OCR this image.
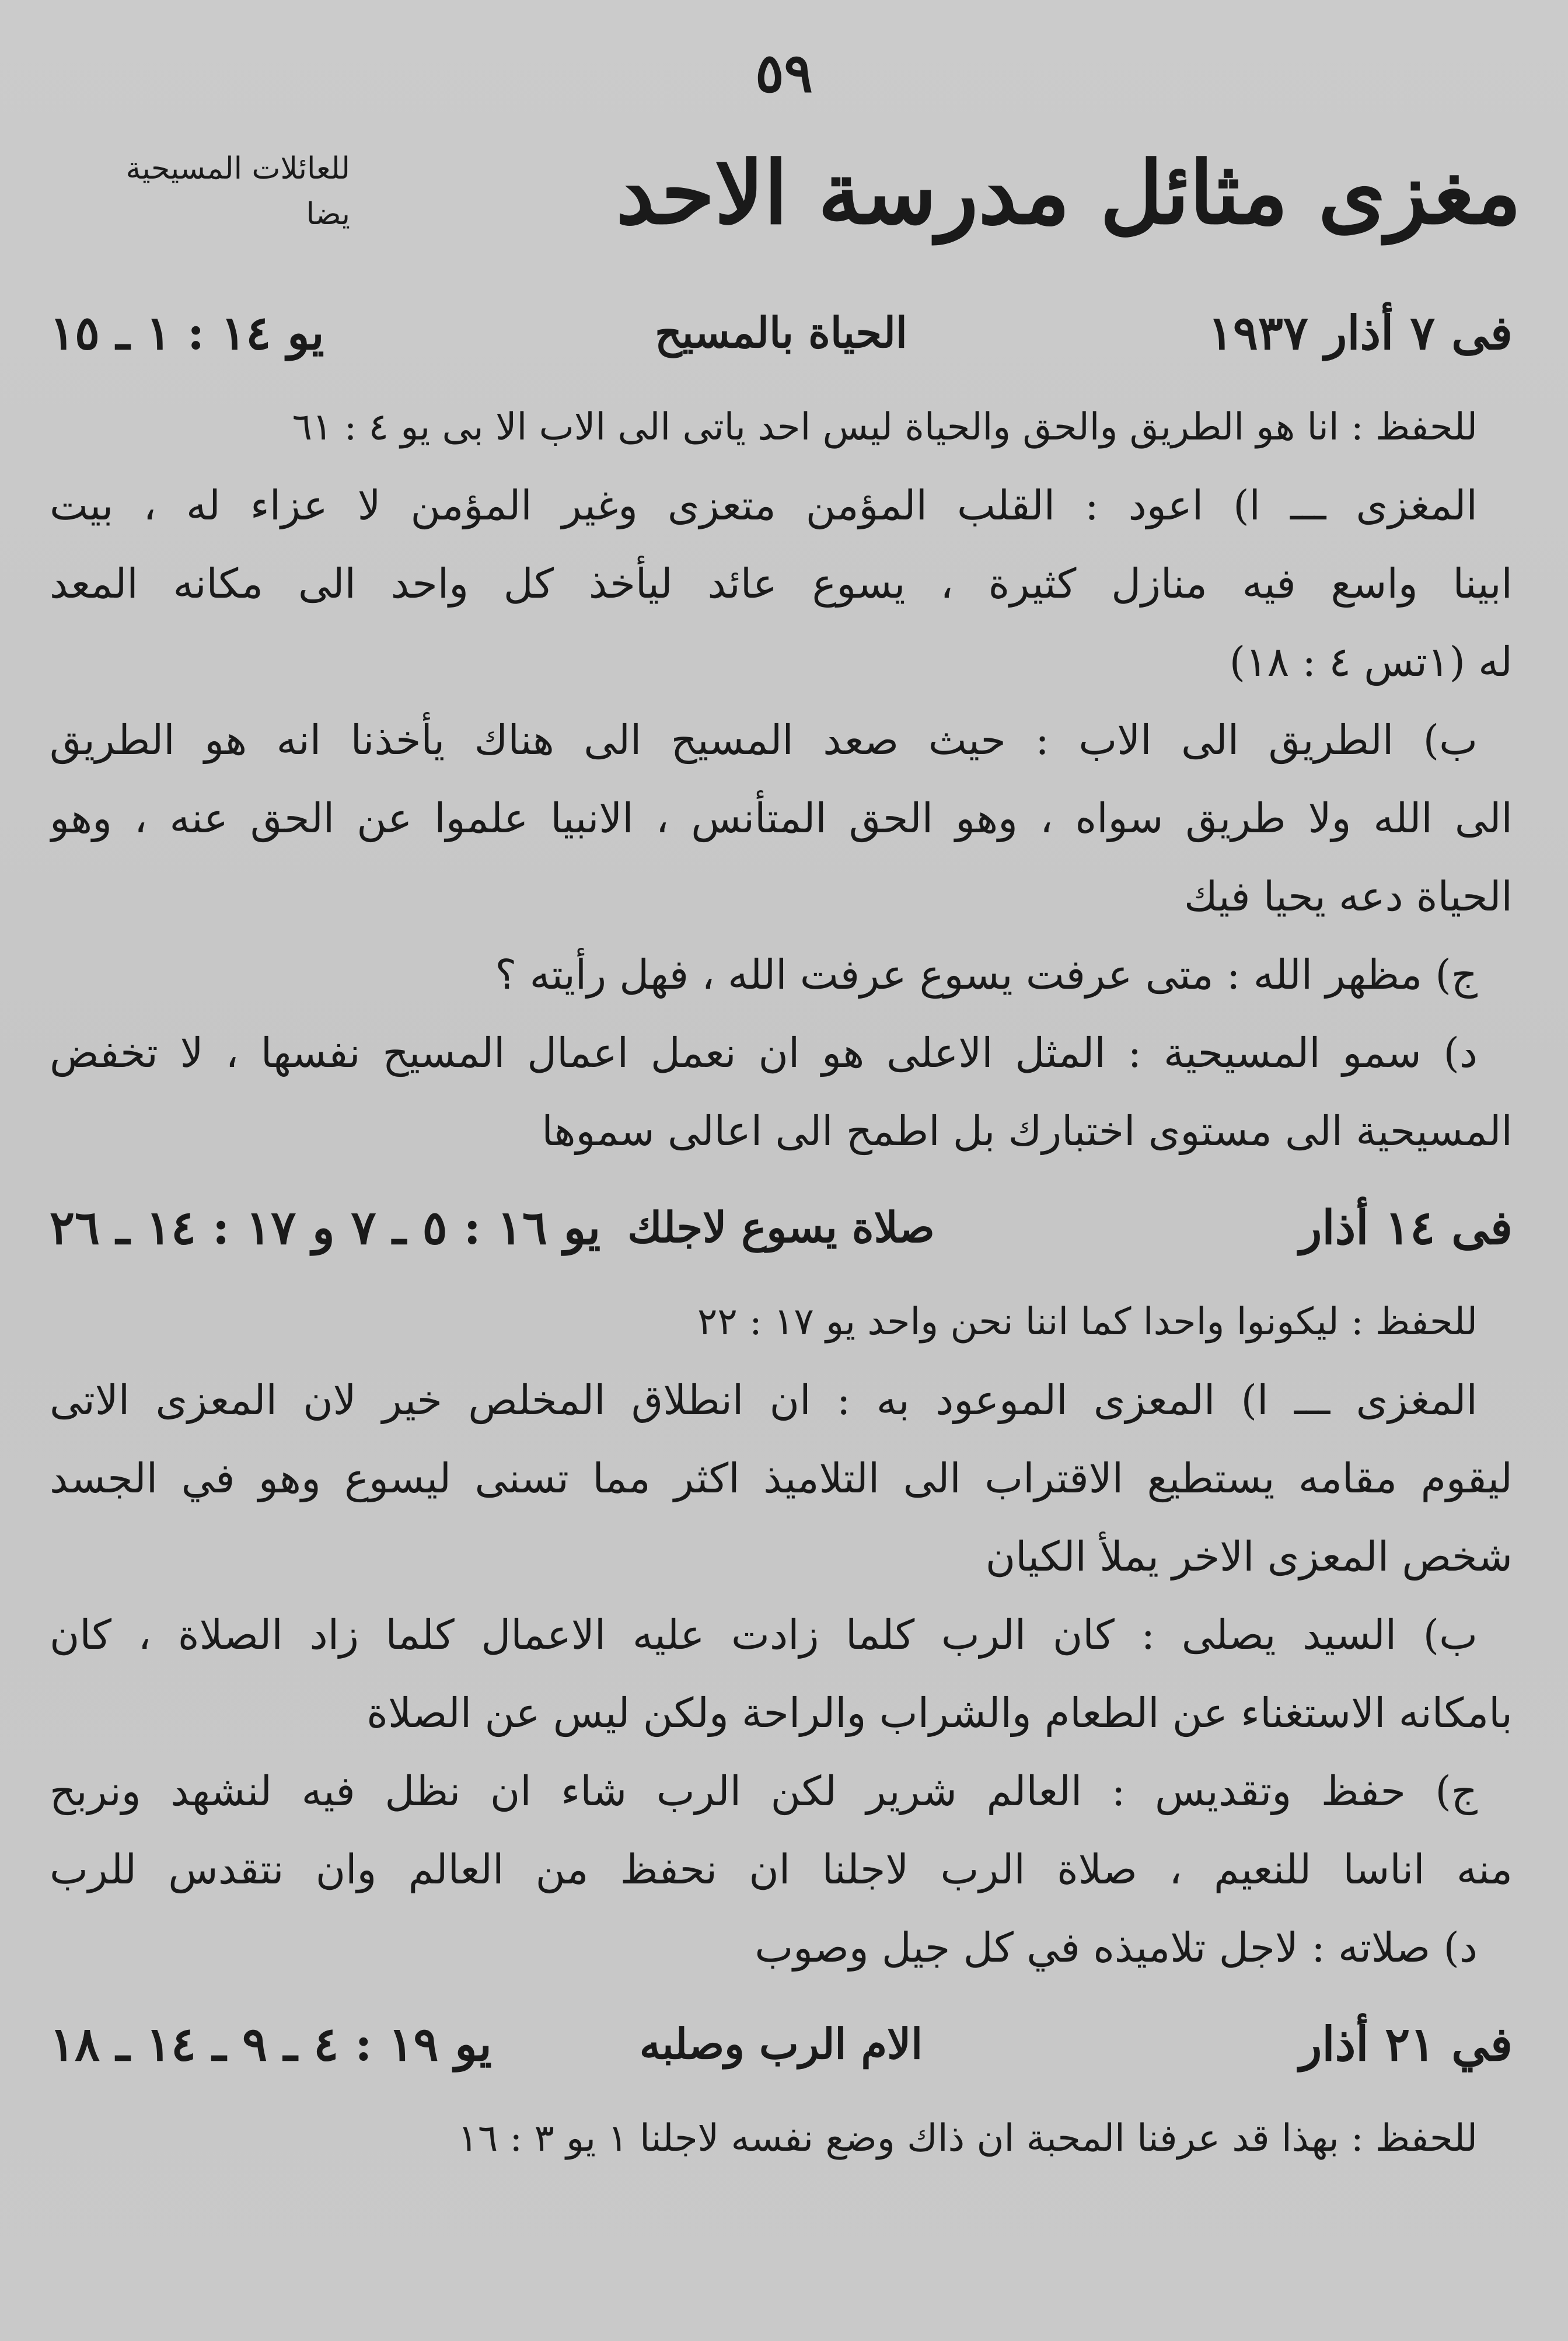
٥٩
مغزى مثائل مدرسة الاحد
للعائلات المسيحية
يضا
فى ٧ أذار ١٩٣٧
الحياة بالمسيح
يو ١٤ : ١ ـ ١٥
للحفظ : انا هو الطريق والحق والحياة ليس احد ياتى الى الاب الا بى يو ٤ : ٦١
المغزى ـــ ا) اعود : القلب المؤمن متعزى وغير المؤمن لا عزاء له ، بيت
ابينا واسع فيه منازل كثيرة ، يسوع عائد ليأخذ كل واحد الى مكانه المعد
له (١تس ٤ : ١٨)
ب) الطريق الى الاب : حيث صعد المسيح الى هناك يأخذنا انه هو الطريق
الى الله ولا طريق سواه ، وهو الحق المتأنس ، الانبيا علموا عن الحق عنه ، وهو
الحياة دعه يحيا فيك
ج) مظهر الله : متى عرفت يسوع عرفت الله ، فهل رأيته ؟
د) سمو المسيحية : المثل الاعلى هو ان نعمل اعمال المسيح نفسها ، لا تخفض
المسيحية الى مستوى اختبارك بل اطمح الى اعالى سموها
فى ١٤ أذار
صلاة يسوع لاجلك
يو ١٦ : ٥ ـ ٧ و ١٧ : ١٤ ـ ٢٦
للحفظ : ليكونوا واحدا كما اننا نحن واحد يو ١٧ : ٢٢
المغزى ـــ ا) المعزى الموعود به : ان انطلاق المخلص خير لان المعزى الاتى
ليقوم مقامه يستطيع الاقتراب الى التلاميذ اكثر مما تسنى ليسوع وهو في الجسد
شخص المعزى الاخر يملأ الكيان
ب) السيد يصلى : كان الرب كلما زادت عليه الاعمال كلما زاد الصلاة ، كان
بامكانه الاستغناء عن الطعام والشراب والراحة ولكن ليس عن الصلاة
ج) حفظ وتقديس : العالم شرير لكن الرب شاء ان نظل فيه لنشهد ونربح
منه اناسا للنعيم ، صلاة الرب لاجلنا ان نحفظ من العالم وان نتقدس للرب
د) صلاته : لاجل تلاميذه في كل جيل وصوب
في ٢١ أذار
الام الرب وصلبه
يو ١٩ : ٤ ـ ٩ ـ ١٤ ـ ١٨
للحفظ : بهذا قد عرفنا المحبة ان ذاك وضع نفسه لاجلنا ١ يو ٣ : ١٦
